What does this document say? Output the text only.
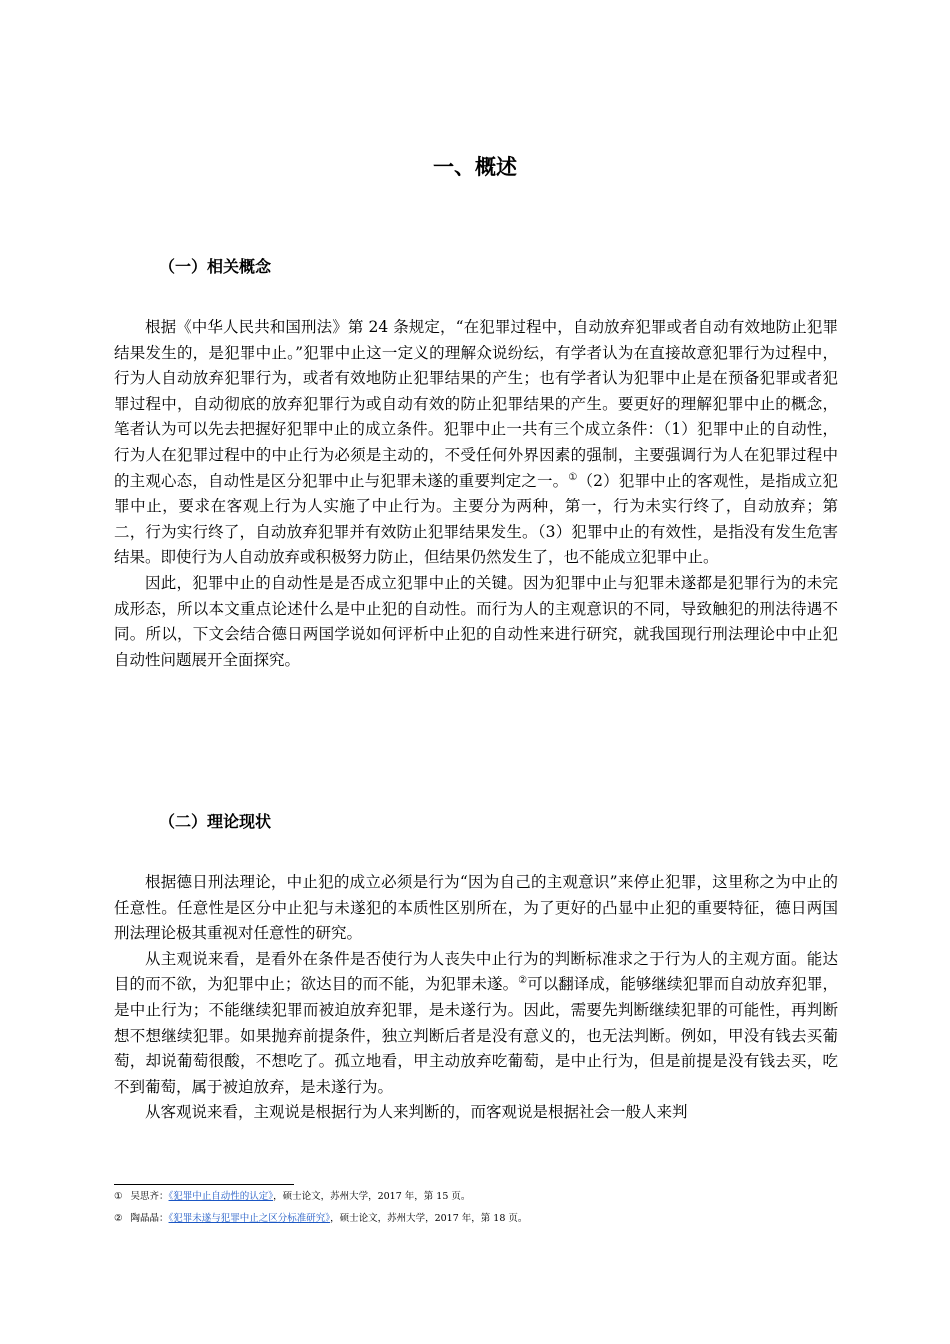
一、概述
（一）相关概念

根据《中华人民共和国刑法》第 24 条规定，“在犯罪过程中，自动放弃犯罪或者自动有效地防止犯罪结果发生的，是犯罪中止。”犯罪中止这一定义的理解众说纷纭，有学者认为在直接故意犯罪行为过程中，行为人自动放弃犯罪行为，或者有效地防止犯罪结果的产生；也有学者认为犯罪中止是在预备犯罪或者犯罪过程中，自动彻底的放弃犯罪行为或自动有效的防止犯罪结果的产生。要更好的理解犯罪中止的概念，笔者认为可以先去把握好犯罪中止的成立条件。犯罪中止一共有三个成立条件：（1）犯罪中止的自动性，行为人在犯罪过程中的中止行为必须是主动的，不受任何外界因素的强制，主要强调行为人在犯罪过程中的主观心态，自动性是区分犯罪中止与犯罪未遂的重要判定之一。①（2）犯罪中止的客观性，是指成立犯罪中止，要求在客观上行为人实施了中止行为。主要分为两种，第一，行为未实行终了，自动放弃；第二，行为实行终了，自动放弃犯罪并有效防止犯罪结果发生。（3）犯罪中止的有效性，是指没有发生危害结果。即使行为人自动放弃或积极努力防止，但结果仍然发生了，也不能成立犯罪中止。

因此，犯罪中止的自动性是是否成立犯罪中止的关键。因为犯罪中止与犯罪未遂都是犯罪行为的未完成形态，所以本文重点论述什么是中止犯的自动性。而行为人的主观意识的不同，导致触犯的刑法待遇不同。所以，下文会结合德日两国学说如何评析中止犯的自动性来进行研究，就我国现行刑法理论中中止犯自动性问题展开全面探究。

（二）理论现状

根据德日刑法理论，中止犯的成立必须是行为“因为自己的主观意识”来停止犯罪，这里称之为中止的任意性。任意性是区分中止犯与未遂犯的本质性区别所在，为了更好的凸显中止犯的重要特征，德日两国刑法理论极其重视对任意性的研究。

从主观说来看，是看外在条件是否使行为人丧失中止行为的判断标准求之于行为人的主观方面。能达目的而不欲，为犯罪中止；欲达目的而不能，为犯罪未遂。②可以翻译成，能够继续犯罪而自动放弃犯罪，是中止行为；不能继续犯罪而被迫放弃犯罪，是未遂行为。因此，需要先判断继续犯罪的可能性，再判断想不想继续犯罪。如果抛弃前提条件，独立判断后者是没有意义的，也无法判断。例如，甲没有钱去买葡萄，却说葡萄很酸，不想吃了。孤立地看，甲主动放弃吃葡萄，是中止行为，但是前提是没有钱去买，吃不到葡萄，属于被迫放弃，是未遂行为。

从客观说来看，主观说是根据行为人来判断的，而客观说是根据社会一般人来判

① 吴思齐：《犯罪中止自动性的认定》，硕士论文，苏州大学，2017 年，第 15 页。
② 陶晶晶：《犯罪未遂与犯罪中止之区分标准研究》，硕士论文，苏州大学，2017 年，第 18 页。
